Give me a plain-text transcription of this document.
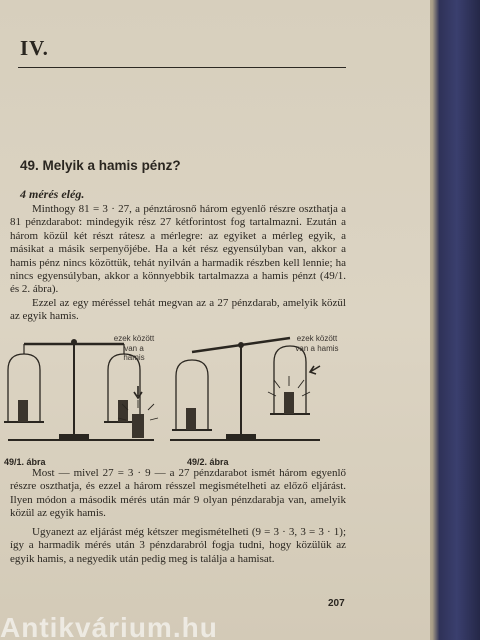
IV.
49. Melyik a hamis pénz?
4 mérés elég.

Minthogy 81 = 3 · 27, a pénztárosnő három egyenlő részre oszthatja a 81 pénzdarabot: mindegyik rész 27 kétforintost fog tartalmazni. Ezután a három közül két részt rátesz a mérlegre: az egyiket a mérleg egyik, a másikat a másik serpenyőjébe. Ha a két rész egyensúlyban van, akkor a hamis pénz nincs közöttük, tehát nyilván a harmadik részben kell lennie; ha nincs egyensúlyban, akkor a könnyebbik tartalmazza a hamis pénzt (49/1. és 2. ábra).

Ezzel az egy méréssel tehát megvan az a 27 pénzdarab, amelyik közül az egyik hamis.

ezek között van a hamis
ezek között van a hamis
49/1. ábra	49/2. ábra

Most — mivel 27 = 3 · 9 — a 27 pénzdarabot ismét három egyenlő részre oszthatja, és ezzel a három résszel megismételheti az előző eljárást. Ilyen módon a második mérés után már 9 olyan pénzdarabja van, amelyik közül az egyik hamis.

Ugyanezt az eljárást még kétszer megismételheti (9 = 3 · 3, 3 = 3 · 1); így a harmadik mérés után 3 pénzdarabról fogja tudni, hogy közülük az egyik hamis, a negyedik után pedig meg is találja a hamisat.

207
Antikvárium.hu
